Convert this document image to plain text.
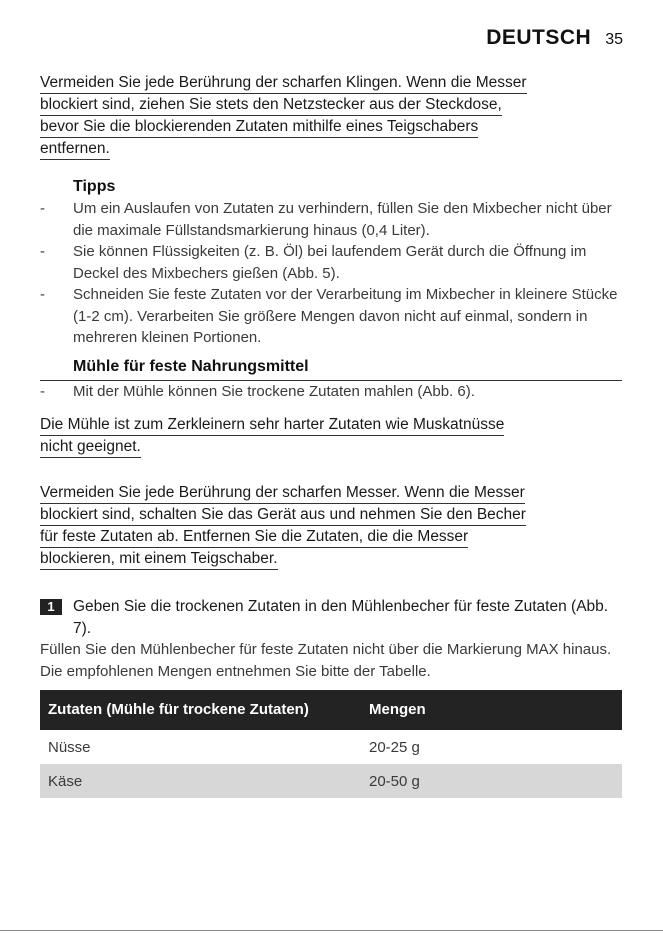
DEUTSCH 35

Vermeiden Sie jede Berührung der scharfen Klingen. Wenn die Messer
blockiert sind, ziehen Sie stets den Netzstecker aus der Steckdose,
bevor Sie die blockierenden Zutaten mithilfe eines Teigschabers
entfernen.

Tipps
- Um ein Auslaufen von Zutaten zu verhindern, füllen Sie den Mixbecher nicht über die maximale Füllstandsmarkierung hinaus (0,4 Liter).
- Sie können Flüssigkeiten (z. B. Öl) bei laufendem Gerät durch die Öffnung im Deckel des Mixbechers gießen (Abb. 5).
- Schneiden Sie feste Zutaten vor der Verarbeitung im Mixbecher in kleinere Stücke (1-2 cm). Verarbeiten Sie größere Mengen davon nicht auf einmal, sondern in mehreren kleinen Portionen.
Mühle für feste Nahrungsmittel
- Mit der Mühle können Sie trockene Zutaten mahlen (Abb. 6).

Die Mühle ist zum Zerkleinern sehr harter Zutaten wie Muskatnüsse
nicht geeignet.

Vermeiden Sie jede Berührung der scharfen Messer. Wenn die Messer
blockiert sind, schalten Sie das Gerät aus und nehmen Sie den Becher
für feste Zutaten ab. Entfernen Sie die Zutaten, die die Messer
blockieren, mit einem Teigschaber.

1	Geben Sie die trockenen Zutaten in den Mühlenbecher für feste Zutaten (Abb. 7).

Füllen Sie den Mühlenbecher für feste Zutaten nicht über die Markierung MAX hinaus.

Die empfohlenen Mengen entnehmen Sie bitte der Tabelle.

Zutaten (Mühle für trockene Zutaten)	Mengen
Nüsse	20-25 g
Käse	20-50 g
